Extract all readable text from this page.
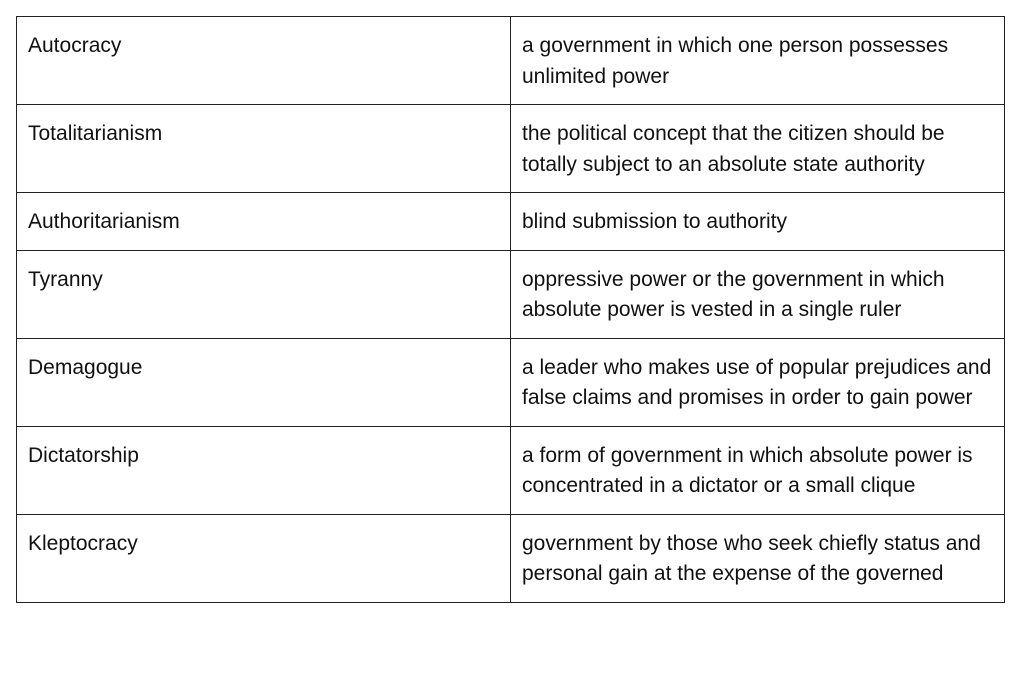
Autocracy	a government in which one person possesses unlimited power
Totalitarianism	the political concept that the citizen should be totally subject to an absolute state authority
Authoritarianism	blind submission to authority
Tyranny	oppressive power or the government in which absolute power is vested in a single ruler
Demagogue	a leader who makes use of popular prejudices and false claims and promises in order to gain power
Dictatorship	a form of government in which absolute power is concentrated in a dictator or a small clique
Kleptocracy	government by those who seek chiefly status and personal gain at the expense of the governed
